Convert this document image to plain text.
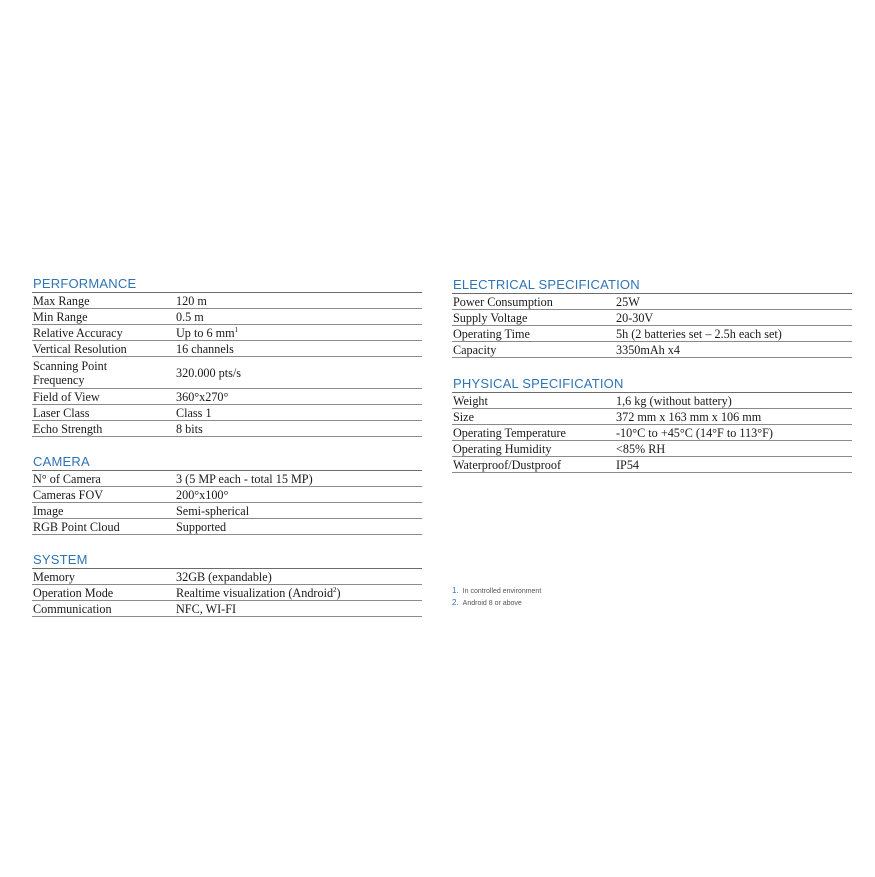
PERFORMANCE
Max Range	120 m
Min Range	0.5 m
Relative Accuracy	Up to 6 $mm^1$
Vertical Resolution	16 channels
Scanning Point Frequency	320.000 pts/s
Field of View	360°x270°
Laser Class	Class 1
Echo Strength	8 bits
CAMERA
N° of Camera	3 (5 MP each - total 15 MP)
Cameras FOV	200°x100°
Image	Semi-spherical
RGB Point Cloud	Supported
SYSTEM
Memory	32GB (expandable)
Operation Mode	Realtime visualization (Android$^2$)
Communication	NFC, WI-FI
ELECTRICAL SPECIFICATION
Power Consumption	25W
Supply Voltage	20-30V
Operating Time	5h (2 batteries set – 2.5h each set)
Capacity	3350mAh x4
PHYSICAL SPECIFICATION
Weight	1,6 kg (without battery)
Size	372 mm x 163 mm x 106 mm
Operating Temperature	-10°C to +45°C (14°F to 113°F)
Operating Humidity	<85% RH
Waterproof/Dustproof	IP54
1. In controlled environment
2. Android 8 or above
